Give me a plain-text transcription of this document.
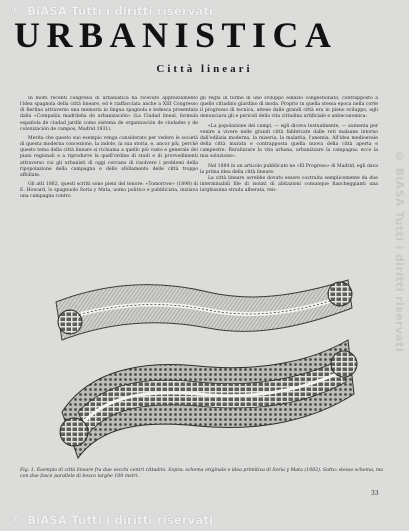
© BiASA Tutti i diritti riservati
URBANISTICA
Città lineari

In molti recenti congressi di urbanistica ha ricevuto apprezzamento l'idea spagnola della città lineare, ed è riaffacciata anche a XIII Congresso di Berlino attraverso una memoria in lingua spagnola e tedesca presentata dalla «Compañía madrileña de urbanización» (La Ciudad lineal, formula española de ciudad jardín como sistema de organización de ciudades y de colonización de campos, Madrid 1931).

Merita che questo suo esempio venga considerato per vedere le società di questa moderna concezione, la indole, la sua storia, e, ancor più, perché questo tema della città lineare si richiama a quello più vasto e generale dei piani regionali e a riprodurre la quell'ordine di studi e di provvedimenti attraverso cui gli urbanisti di oggi cercano di risolvere i problemi della ripopolazione della campagna e dello sfollamento delle città troppo affollate.

Gli atti 1882, questi scritti sono pieni del tenore: «Tomorrow» (1898) di E. Howard, lo spagnuolo Soria y Mata, uomo politico e pubblicista, iniziava una campagna contro

gli regni in forme di uno sviluppo edilizio congestionato, contrapposto a quello cittadino giardino di moda. Proprio in quella stessa epoca nella corte il progresso di tecnica, attese dalle grandi città era in pieno sviluppo, egli denunciava gli e pericoli della vita cittadina artificiale e antieconomica:

«La popolazione dei campi, — egli diceva testualmente, — aumenta per venire a vivere nelle grandi città fabbricate dalle reti malsane intorno dall'edilizia moderna, la miseria, la malattia, l'anemia. All'idea medioevale della città murata e contrapposta quella nuova della città aperta e campestre: Ruralizzare la vita urbana, urbanizzare la campagna: ecco la mia soluzione».

Nel 1884 in un articolo pubblicato ne «El Progreso» di Madrid, egli dava la prima idea della città lineare.

La città lineare avrebbe dovuto essere costruita semplicemente da due interminabili file di isolati di abitazioni comunque fiancheggianti una larghissima strada alberata, ren-

Fig. 1. Esempio di città lineare fra due vecchi centri cittadini. Sopra: schema originale e idea primitiva di Soria y Mata (1882). Sotto: stesso schema, ma con due fasce parallele di bosco larghe 100 metri.
33
© BiASA Tutti i diritti riservati
© BiASA Tutti i diritti riservati
